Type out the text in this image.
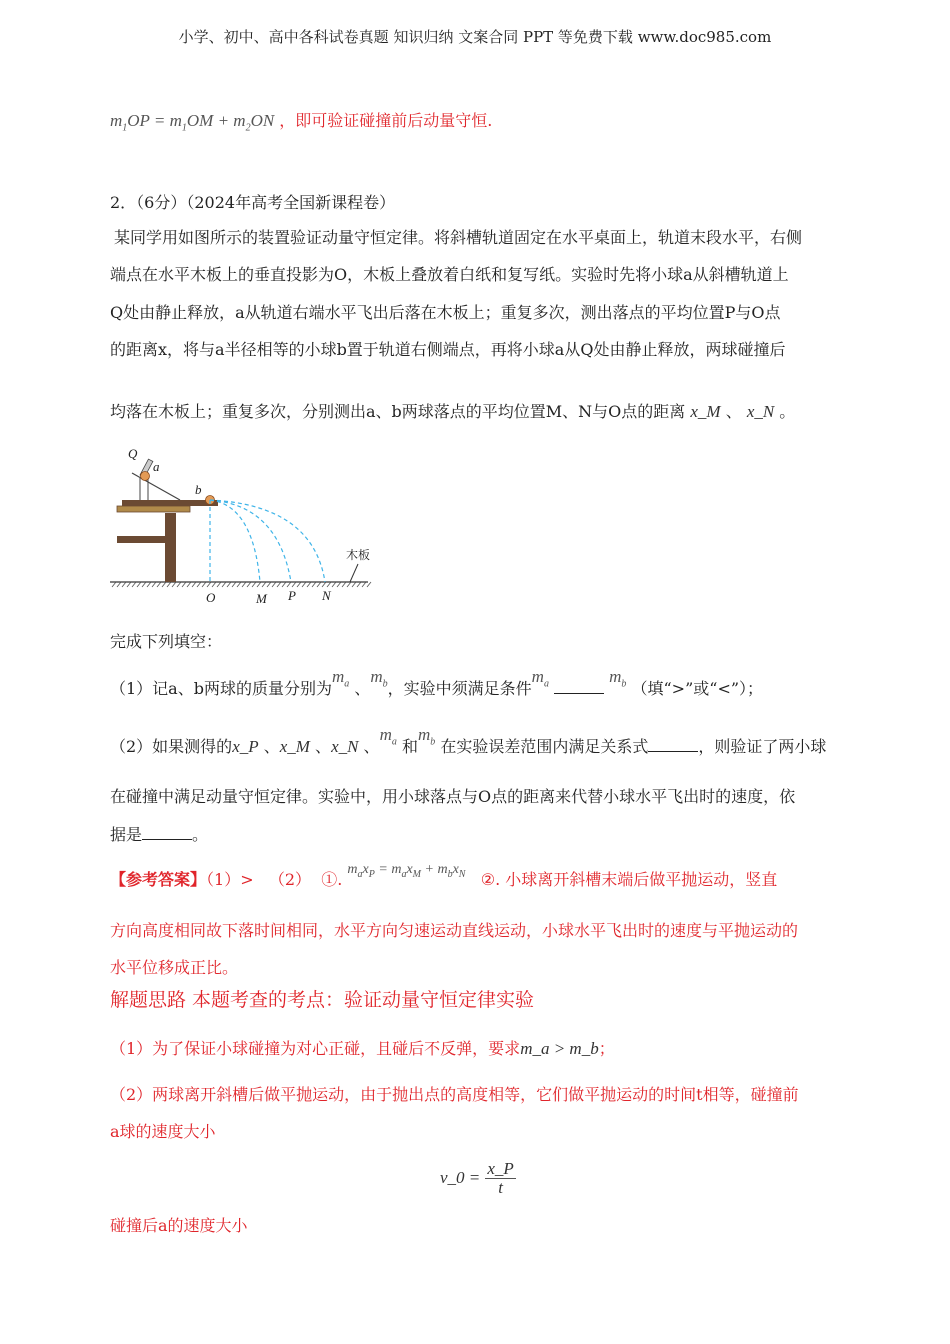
小学、初中、高中各科试卷真题 知识归纳 文案合同 PPT 等免费下载 www.doc985.com
$m_1OP = m_1OM + m_2ON$ ，即可验证碰撞前后动量守恒.
2．（6分）（2024年高考全国新课程卷）
某同学用如图所示的装置验证动量守恒定律。将斜槽轨道固定在水平桌面上，轨道末段水平，右侧
端点在水平木板上的垂直投影为O，木板上叠放着白纸和复写纸。实验时先将小球a从斜槽轨道上
Q处由静止释放，a从轨道右端水平飞出后落在木板上；重复多次，测出落点的平均位置P与O点
的距离x，将与a半径相等的小球b置于轨道右侧端点，再将小球a从Q处由静止释放，两球碰撞后
均落在木板上；重复多次，分别测出a、b两球落点的平均位置M、N与O点的距离 x_M 、 x_N 。
Q
a
b
O	M P N
木板
完成下列填空：
（1）记a、b两球的质量分别为$m_a$ 、$m_b$，实验中须满足条件$m_a$	$m_b$ （填“>”或“<”）；
（2）如果测得的x_P 、x_M 、x_N 、$m_a$ 和$m_b$ 在实验误差范围内满足关系式	，则验证了两小球
在碰撞中满足动量守恒定律。实验中，用小球落点与O点的距离来代替小球水平飞出时的速度，依
据是	。
【参考答案】（1）> （2） ①. $m_ax_P = m_ax_M + m_bx_N$ ②. 小球离开斜槽末端后做平抛运动，竖直
方向高度相同故下落时间相同，水平方向匀速运动直线运动，小球水平飞出时的速度与平抛运动的
水平位移成正比。
解题思路 本题考查的考点：验证动量守恒定律实验
（1）为了保证小球碰撞为对心正碰，且碰后不反弹，要求m_a > m_b；
（2）两球离开斜槽后做平抛运动，由于抛出点的高度相等，它们做平抛运动的时间t相等，碰撞前
a球的速度大小
v_0 = $\frac{x\_P}{t}$
碰撞后a的速度大小
